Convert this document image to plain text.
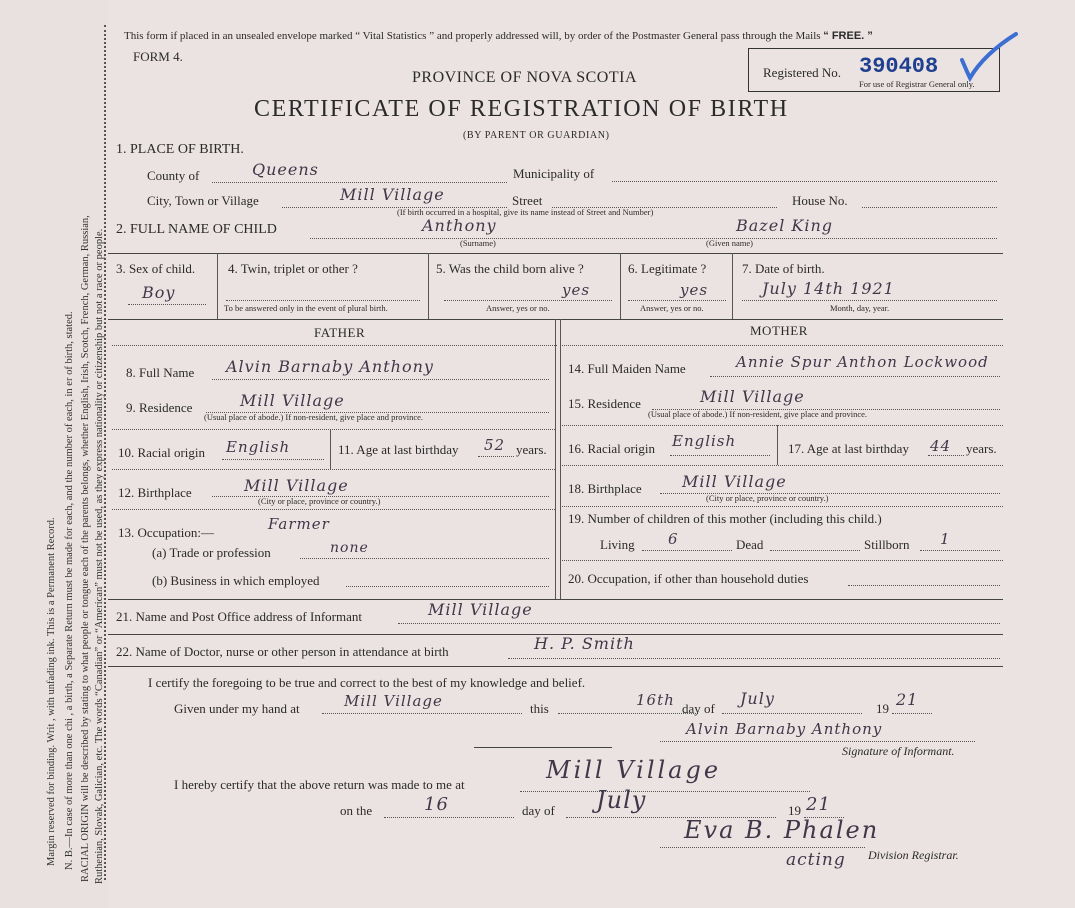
Margin reserved for binding. Writ , with unfading ink. This is a Permanent Record. N. B.—In case of more than one chi , a birth, a Separate Return must be made for each, and the number of each, in er of birth, stated. RACIAL ORIGIN will be described by stating to what people or tongue each of the parents belongs, whether English, Irish, Scotch, French, German, Russian, Ruthenian, Slovak, Galician, etc. The words “Canadian” or “American” must not be used, as they express nationality or citizenship but not a race or people.
This form if placed in an unsealed envelope marked “ Vital Statistics ” and properly addressed will, by order of the Postmaster General pass through the Mails “ FREE. ”
FORM 4.
PROVINCE OF NOVA SCOTIA
CERTIFICATE OF REGISTRATION OF BIRTH
(BY PARENT OR GUARDIAN)
Registered No. 390408
For use of Registrar General only.
1. PLACE OF BIRTH.
County of	Queens	Municipality of
City, Town or Village	Mill Village	Street	House No.
(If birth occurred in a hospital, give its name instead of Street and Number)
2. FULL NAME OF CHILD	Anthony
(Surname)
Bazel King
(Given name)
3. Sex of child.
Boy
4. Twin, triplet or other ?
To be answered only in the event of plural birth.
5. Was the child born alive ?
yes
Answer, yes or no.
6. Legitimate ?
yes
Answer, yes or no.
7. Date of birth.
July 14th 1921
Month, day, year.
FATHER	MOTHER
8. Full Name Alvin Barnaby Anthony
9. Residence	Mill Village
(Usual place of abode.) If non-resident, give place and province.
10. Racial origin English	11. Age at last birthday 52 years.
12. Birthplace	Mill Village
(City or place, province or country.)
13. Occupation:—	Farmer
(a) Trade or profession	none
(b) Business in which employed
14. Full Maiden Name	Annie Spur Anthon Lockwood
15. Residence	Mill Village
(Usual place of abode.) If non-resident, give place and province.
16. Racial origin English	17. Age at last birthday 44 years.
18. Birthplace	Mill Village
(City or place, province or country.)
19. Number of children of this mother (including this child.)
Living 6	Dead	Stillborn 1
20. Occupation, if other than household duties
21. Name and Post Office address of Informant	Mill Village
22. Name of Doctor, nurse or other person in attendance at birth	H. P. Smith
I certify the foregoing to be true and correct to the best of my knowledge and belief.
Given under my hand at	Mill Village	this	16th day of
July
19 21
Alvin Barnaby Anthony
Signature of Informant.
I hereby certify that the above return was made to me at
Mill Village
on the	16	day of July	19 21
Eva B. Phalen
Division Registrar.
acting
